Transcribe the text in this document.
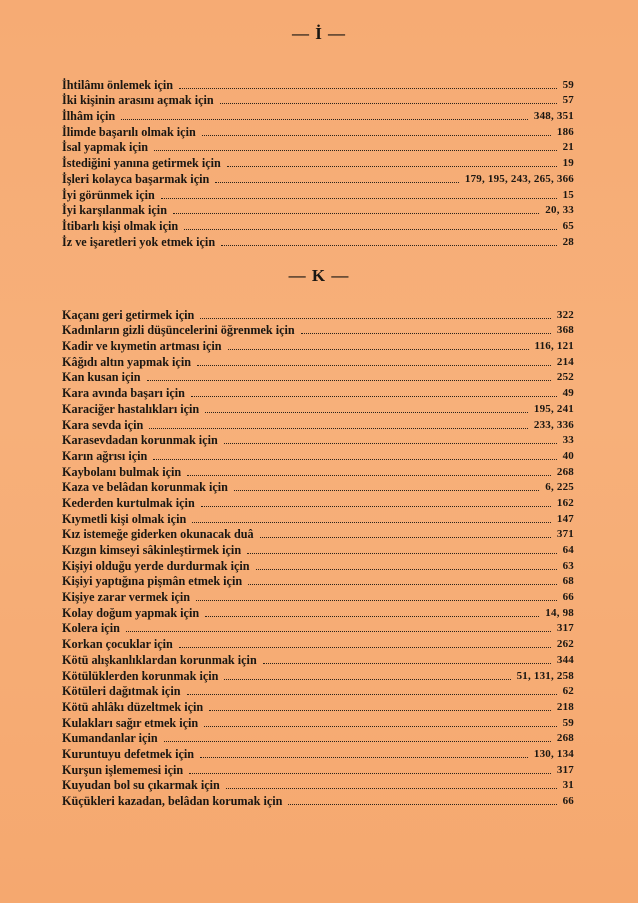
— İ —
İhtilâmı önlemek için	59
İki kişinin arasını açmak için	57
İlhâm için	348, 351
İlimde başarılı olmak için	186
İsal yapmak için	21
İstediğini yanına getirmek için	19
İşleri kolayca başarmak için	179, 195, 243, 265, 366
İyi görünmek için	15
İyi karşılanmak için	20, 33
İtibarlı kişi olmak için	65
İz ve işaretleri yok etmek için	28
— K —
Kaçanı geri getirmek için	322
Kadınların gizli düşüncelerini öğrenmek için	368
Kadir ve kıymetin artması için	116, 121
Kâğıdı altın yapmak için	214
Kan kusan için	252
Kara avında başarı için	49
Karaciğer hastalıkları için	195, 241
Kara sevda için	233, 336
Karasevdadan korunmak için	33
Karın ağrısı için	40
Kaybolanı bulmak için	268
Kaza ve belâdan korunmak için	6, 225
Kederden kurtulmak için	162
Kıymetli kişi olmak için	147
Kız istemeğe giderken okunacak duâ	371
Kızgın kimseyi sâkinleştirmek için	64
Kişiyi olduğu yerde durdurmak için	63
Kişiyi yaptığına pişmân etmek için	68
Kişiye zarar vermek için	66
Kolay doğum yapmak için	14, 98
Kolera için	317
Korkan çocuklar için	262
Kötü alışkanlıklardan korunmak için	344
Kötülüklerden korunmak için	51, 131, 258
Kötüleri dağıtmak için	62
Kötü ahlâkı düzeltmek için	218
Kulakları sağır etmek için	59
Kumandanlar için	268
Kuruntuyu defetmek için	130, 134
Kurşun işlememesi için	317
Kuyudan bol su çıkarmak için	31
Küçükleri kazadan, belâdan korumak için	66
